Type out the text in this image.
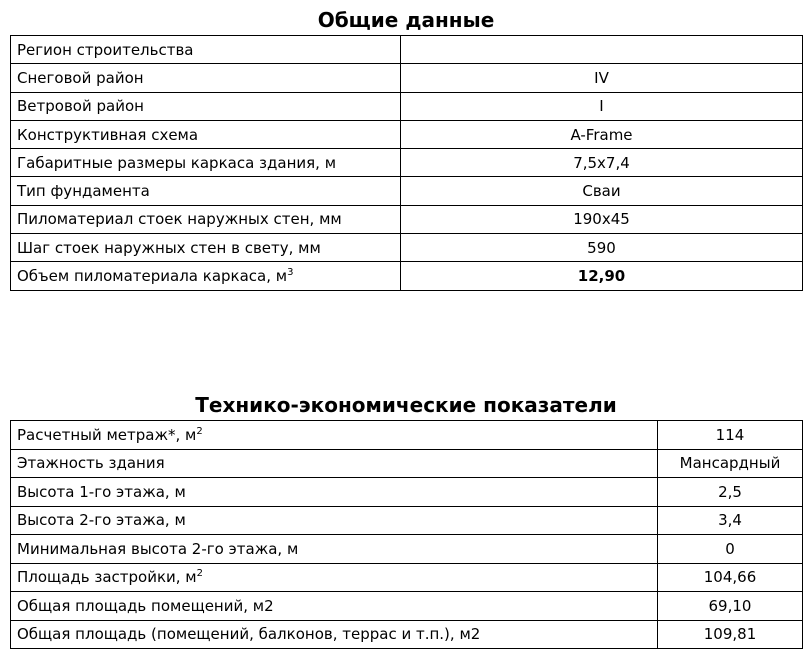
Общие данные
Регион строительства	
Снеговой район	IV
Ветровой район	I
Конструктивная схема	A-Frame
Габаритные размеры каркаса здания, м	7,5x7,4
Тип фундамента	Сваи
Пиломатериал стоек наружных стен, мм	190x45
Шаг стоек наружных стен в свету, мм	590
Объем пиломатериала каркаса, $м^3$	12,90
Технико-экономические показатели
Расчетный метраж*, $м^2$	114
Этажность здания	Мансардный
Высота 1-го этажа, м	2,5
Высота 2-го этажа, м	3,4
Минимальная высота 2-го этажа, м	0
Площадь застройки, $м^2$	104,66
Общая площадь помещений, м2	69,10
Общая площадь (помещений, балконов, террас и т.п.), м2	109,81
